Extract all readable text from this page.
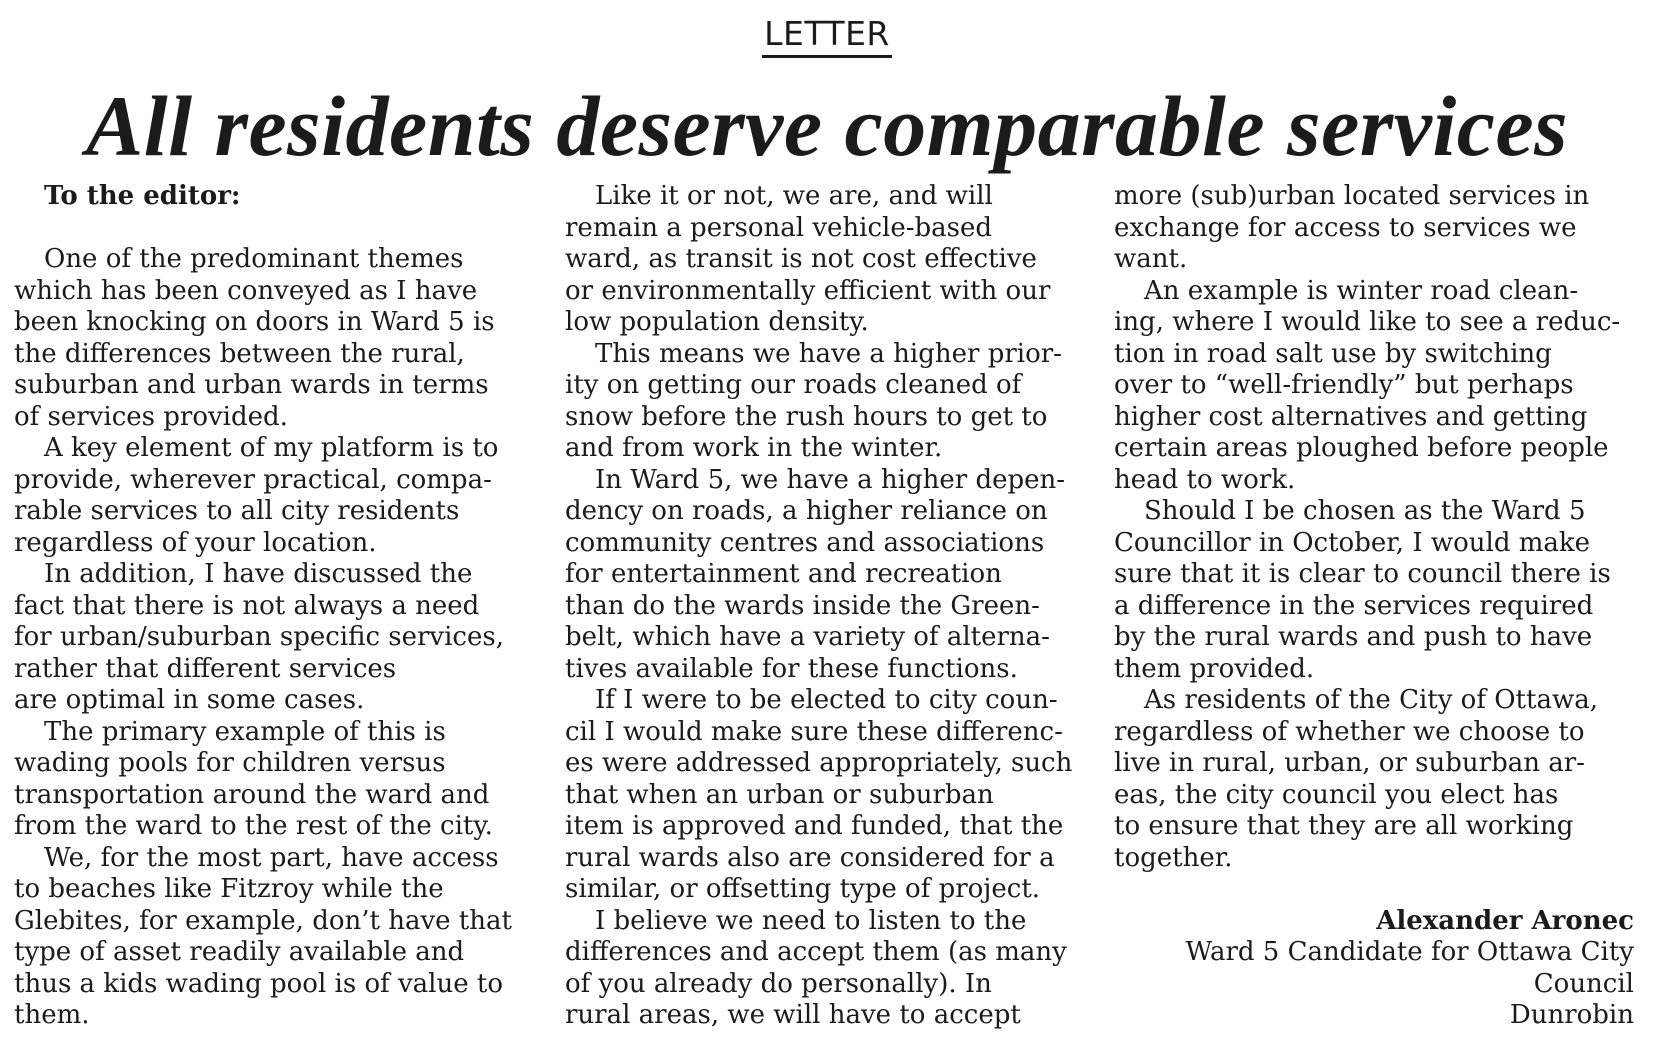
LETTER
All residents deserve comparable services
To the editor:
One of the predominant themes
which has been conveyed as I have
been knocking on doors in Ward 5 is
the differences between the rural,
suburban and urban wards in terms
of services provided.
A key element of my platform is to
provide, wherever practical, compa-
rable services to all city residents
regardless of your location.
In addition, I have discussed the
fact that there is not always a need
for urban/suburban specific services,
rather that different services
are optimal in some cases.
The primary example of this is
wading pools for children versus
transportation around the ward and
from the ward to the rest of the city.
We, for the most part, have access
to beaches like Fitzroy while the
Glebites, for example, don’t have that
type of asset readily available and
thus a kids wading pool is of value to
them.
Like it or not, we are, and will
remain a personal vehicle-based
ward, as transit is not cost effective
or environmentally efficient with our
low population density.
This means we have a higher prior-
ity on getting our roads cleaned of
snow before the rush hours to get to
and from work in the winter.
In Ward 5, we have a higher depen-
dency on roads, a higher reliance on
community centres and associations
for entertainment and recreation
than do the wards inside the Green-
belt, which have a variety of alterna-
tives available for these functions.
If I were to be elected to city coun-
cil I would make sure these differenc-
es were addressed appropriately, such
that when an urban or suburban
item is approved and funded, that the
rural wards also are considered for a
similar, or offsetting type of project.
I believe we need to listen to the
differences and accept them (as many
of you already do personally). In
rural areas, we will have to accept
more (sub)urban located services in
exchange for access to services we
want.
An example is winter road clean-
ing, where I would like to see a reduc-
tion in road salt use by switching
over to “well-friendly” but perhaps
higher cost alternatives and getting
certain areas ploughed before people
head to work.
Should I be chosen as the Ward 5
Councillor in October, I would make
sure that it is clear to council there is
a difference in the services required
by the rural wards and push to have
them provided.
As residents of the City of Ottawa,
regardless of whether we choose to
live in rural, urban, or suburban ar-
eas, the city council you elect has
to ensure that they are all working
together.
Alexander Aronec
Ward 5 Candidate for Ottawa City
Council
Dunrobin
